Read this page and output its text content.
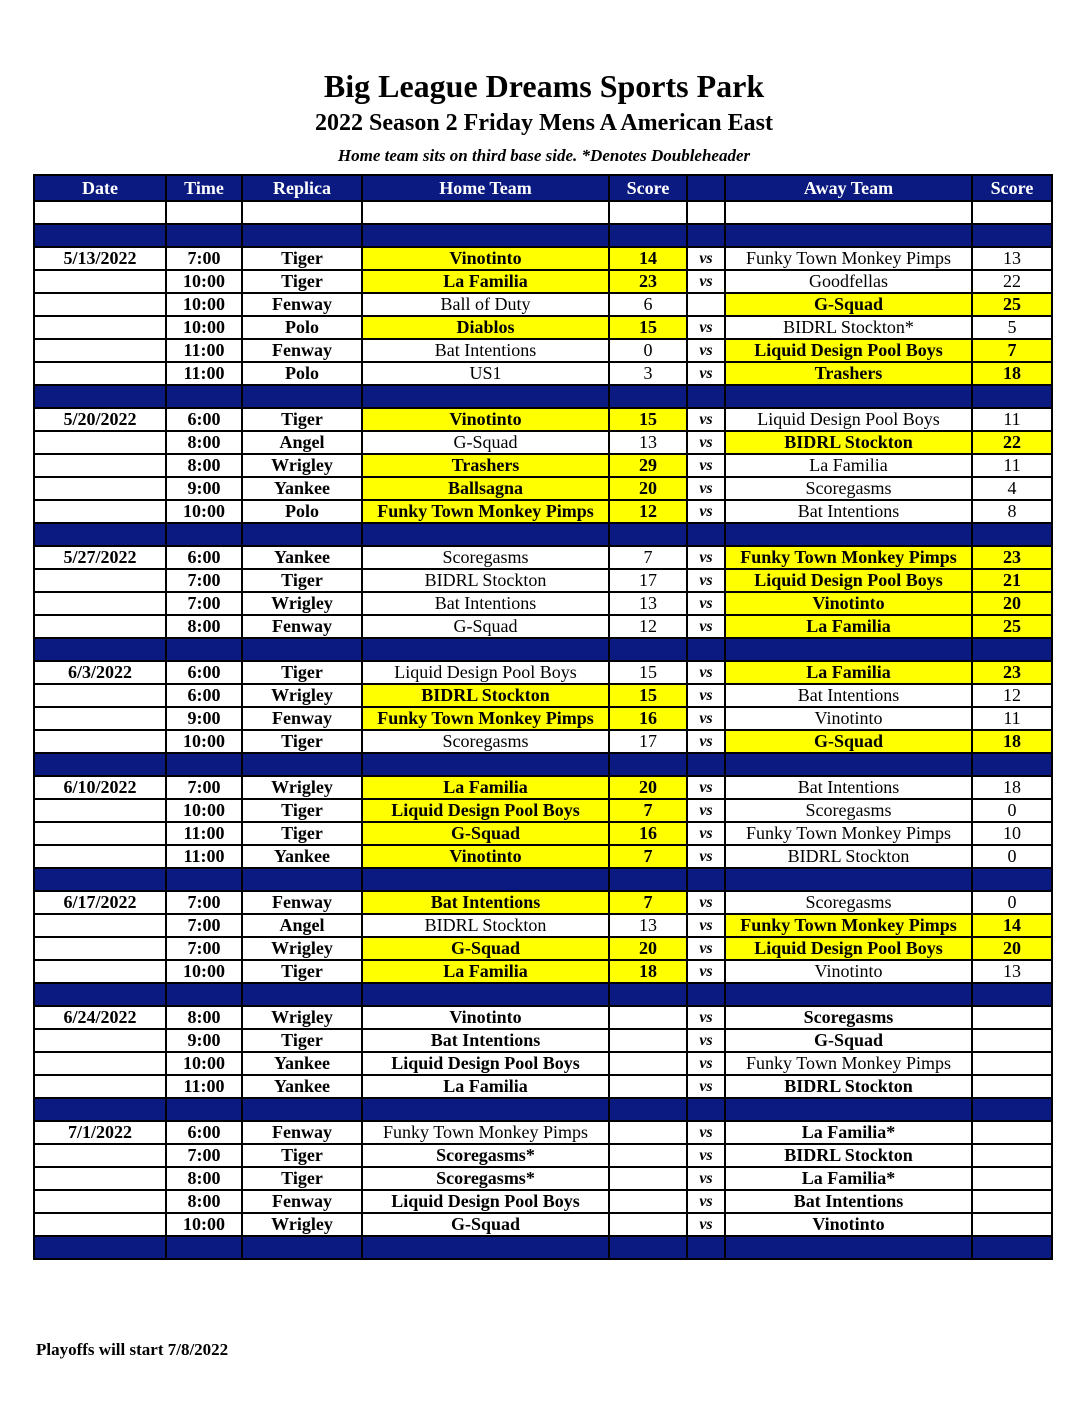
Big League Dreams Sports Park
2022 Season 2 Friday Mens A American East
Home team sits on third base side. *Denotes Doubleheader
Date	Time	Replica	Home Team	Score		Away Team	Score

5/13/2022	7:00	Tiger	Vinotinto	14	vs	Funky Town Monkey Pimps	13
	10:00	Tiger	La Familia	23	vs	Goodfellas	22
	10:00	Fenway	Ball of Duty	6		G-Squad	25
	10:00	Polo	Diablos	15	vs	BIDRL Stockton*	5
	11:00	Fenway	Bat Intentions	0	vs	Liquid Design Pool Boys	7
	11:00	Polo	US1	3	vs	Trashers	18

5/20/2022	6:00	Tiger	Vinotinto	15	vs	Liquid Design Pool Boys	11
	8:00	Angel	G-Squad	13	vs	BIDRL Stockton	22
	8:00	Wrigley	Trashers	29	vs	La Familia	11
	9:00	Yankee	Ballsagna	20	vs	Scoregasms	4
	10:00	Polo	Funky Town Monkey Pimps	12	vs	Bat Intentions	8

5/27/2022	6:00	Yankee	Scoregasms	7	vs	Funky Town Monkey Pimps	23
	7:00	Tiger	BIDRL Stockton	17	vs	Liquid Design Pool Boys	21
	7:00	Wrigley	Bat Intentions	13	vs	Vinotinto	20
	8:00	Fenway	G-Squad	12	vs	La Familia	25

6/3/2022	6:00	Tiger	Liquid Design Pool Boys	15	vs	La Familia	23
	6:00	Wrigley	BIDRL Stockton	15	vs	Bat Intentions	12
	9:00	Fenway	Funky Town Monkey Pimps	16	vs	Vinotinto	11
	10:00	Tiger	Scoregasms	17	vs	G-Squad	18

6/10/2022	7:00	Wrigley	La Familia	20	vs	Bat Intentions	18
	10:00	Tiger	Liquid Design Pool Boys	7	vs	Scoregasms	0
	11:00	Tiger	G-Squad	16	vs	Funky Town Monkey Pimps	10
	11:00	Yankee	Vinotinto	7	vs	BIDRL Stockton	0

6/17/2022	7:00	Fenway	Bat Intentions	7	vs	Scoregasms	0
	7:00	Angel	BIDRL Stockton	13	vs	Funky Town Monkey Pimps	14
	7:00	Wrigley	G-Squad	20	vs	Liquid Design Pool Boys	20
	10:00	Tiger	La Familia	18	vs	Vinotinto	13

6/24/2022	8:00	Wrigley	Vinotinto		vs	Scoregasms	
	9:00	Tiger	Bat Intentions		vs	G-Squad	
	10:00	Yankee	Liquid Design Pool Boys		vs	Funky Town Monkey Pimps	
	11:00	Yankee	La Familia		vs	BIDRL Stockton	

7/1/2022	6:00	Fenway	Funky Town Monkey Pimps		vs	La Familia*	
	7:00	Tiger	Scoregasms*		vs	BIDRL Stockton	
	8:00	Tiger	Scoregasms*		vs	La Familia*	
	8:00	Fenway	Liquid Design Pool Boys		vs	Bat Intentions	
	10:00	Wrigley	G-Squad		vs	Vinotinto	

Playoffs will start 7/8/2022
